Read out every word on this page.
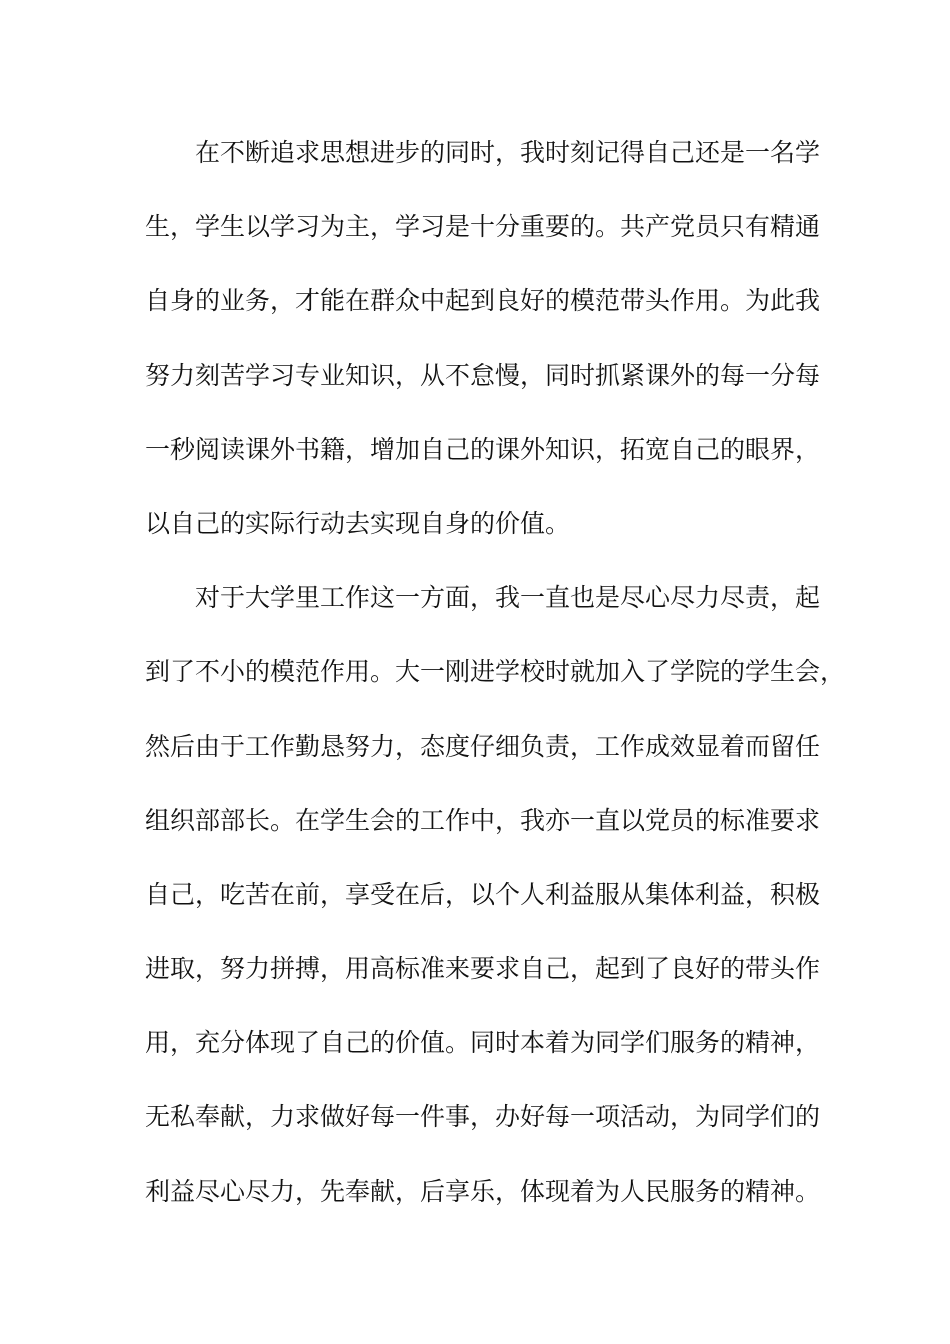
在不断追求思想进步的同时，我时刻记得自己还是一名学
生，学生以学习为主，学习是十分重要的。共产党员只有精通
自身的业务，才能在群众中起到良好的模范带头作用。为此我
努力刻苦学习专业知识，从不怠慢，同时抓紧课外的每一分每
一秒阅读课外书籍，增加自己的课外知识，拓宽自己的眼界，
以自己的实际行动去实现自身的价值。
对于大学里工作这一方面，我一直也是尽心尽力尽责，起
到了不小的模范作用。大一刚进学校时就加入了学院的学生会，
然后由于工作勤恳努力，态度仔细负责，工作成效显着而留任
组织部部长。在学生会的工作中，我亦一直以党员的标准要求
自己，吃苦在前，享受在后，以个人利益服从集体利益，积极
进取，努力拼搏，用高标准来要求自己，起到了良好的带头作
用，充分体现了自己的价值。同时本着为同学们服务的精神，
无私奉献，力求做好每一件事，办好每一项活动，为同学们的
利益尽心尽力，先奉献，后享乐，体现着为人民服务的精神。
